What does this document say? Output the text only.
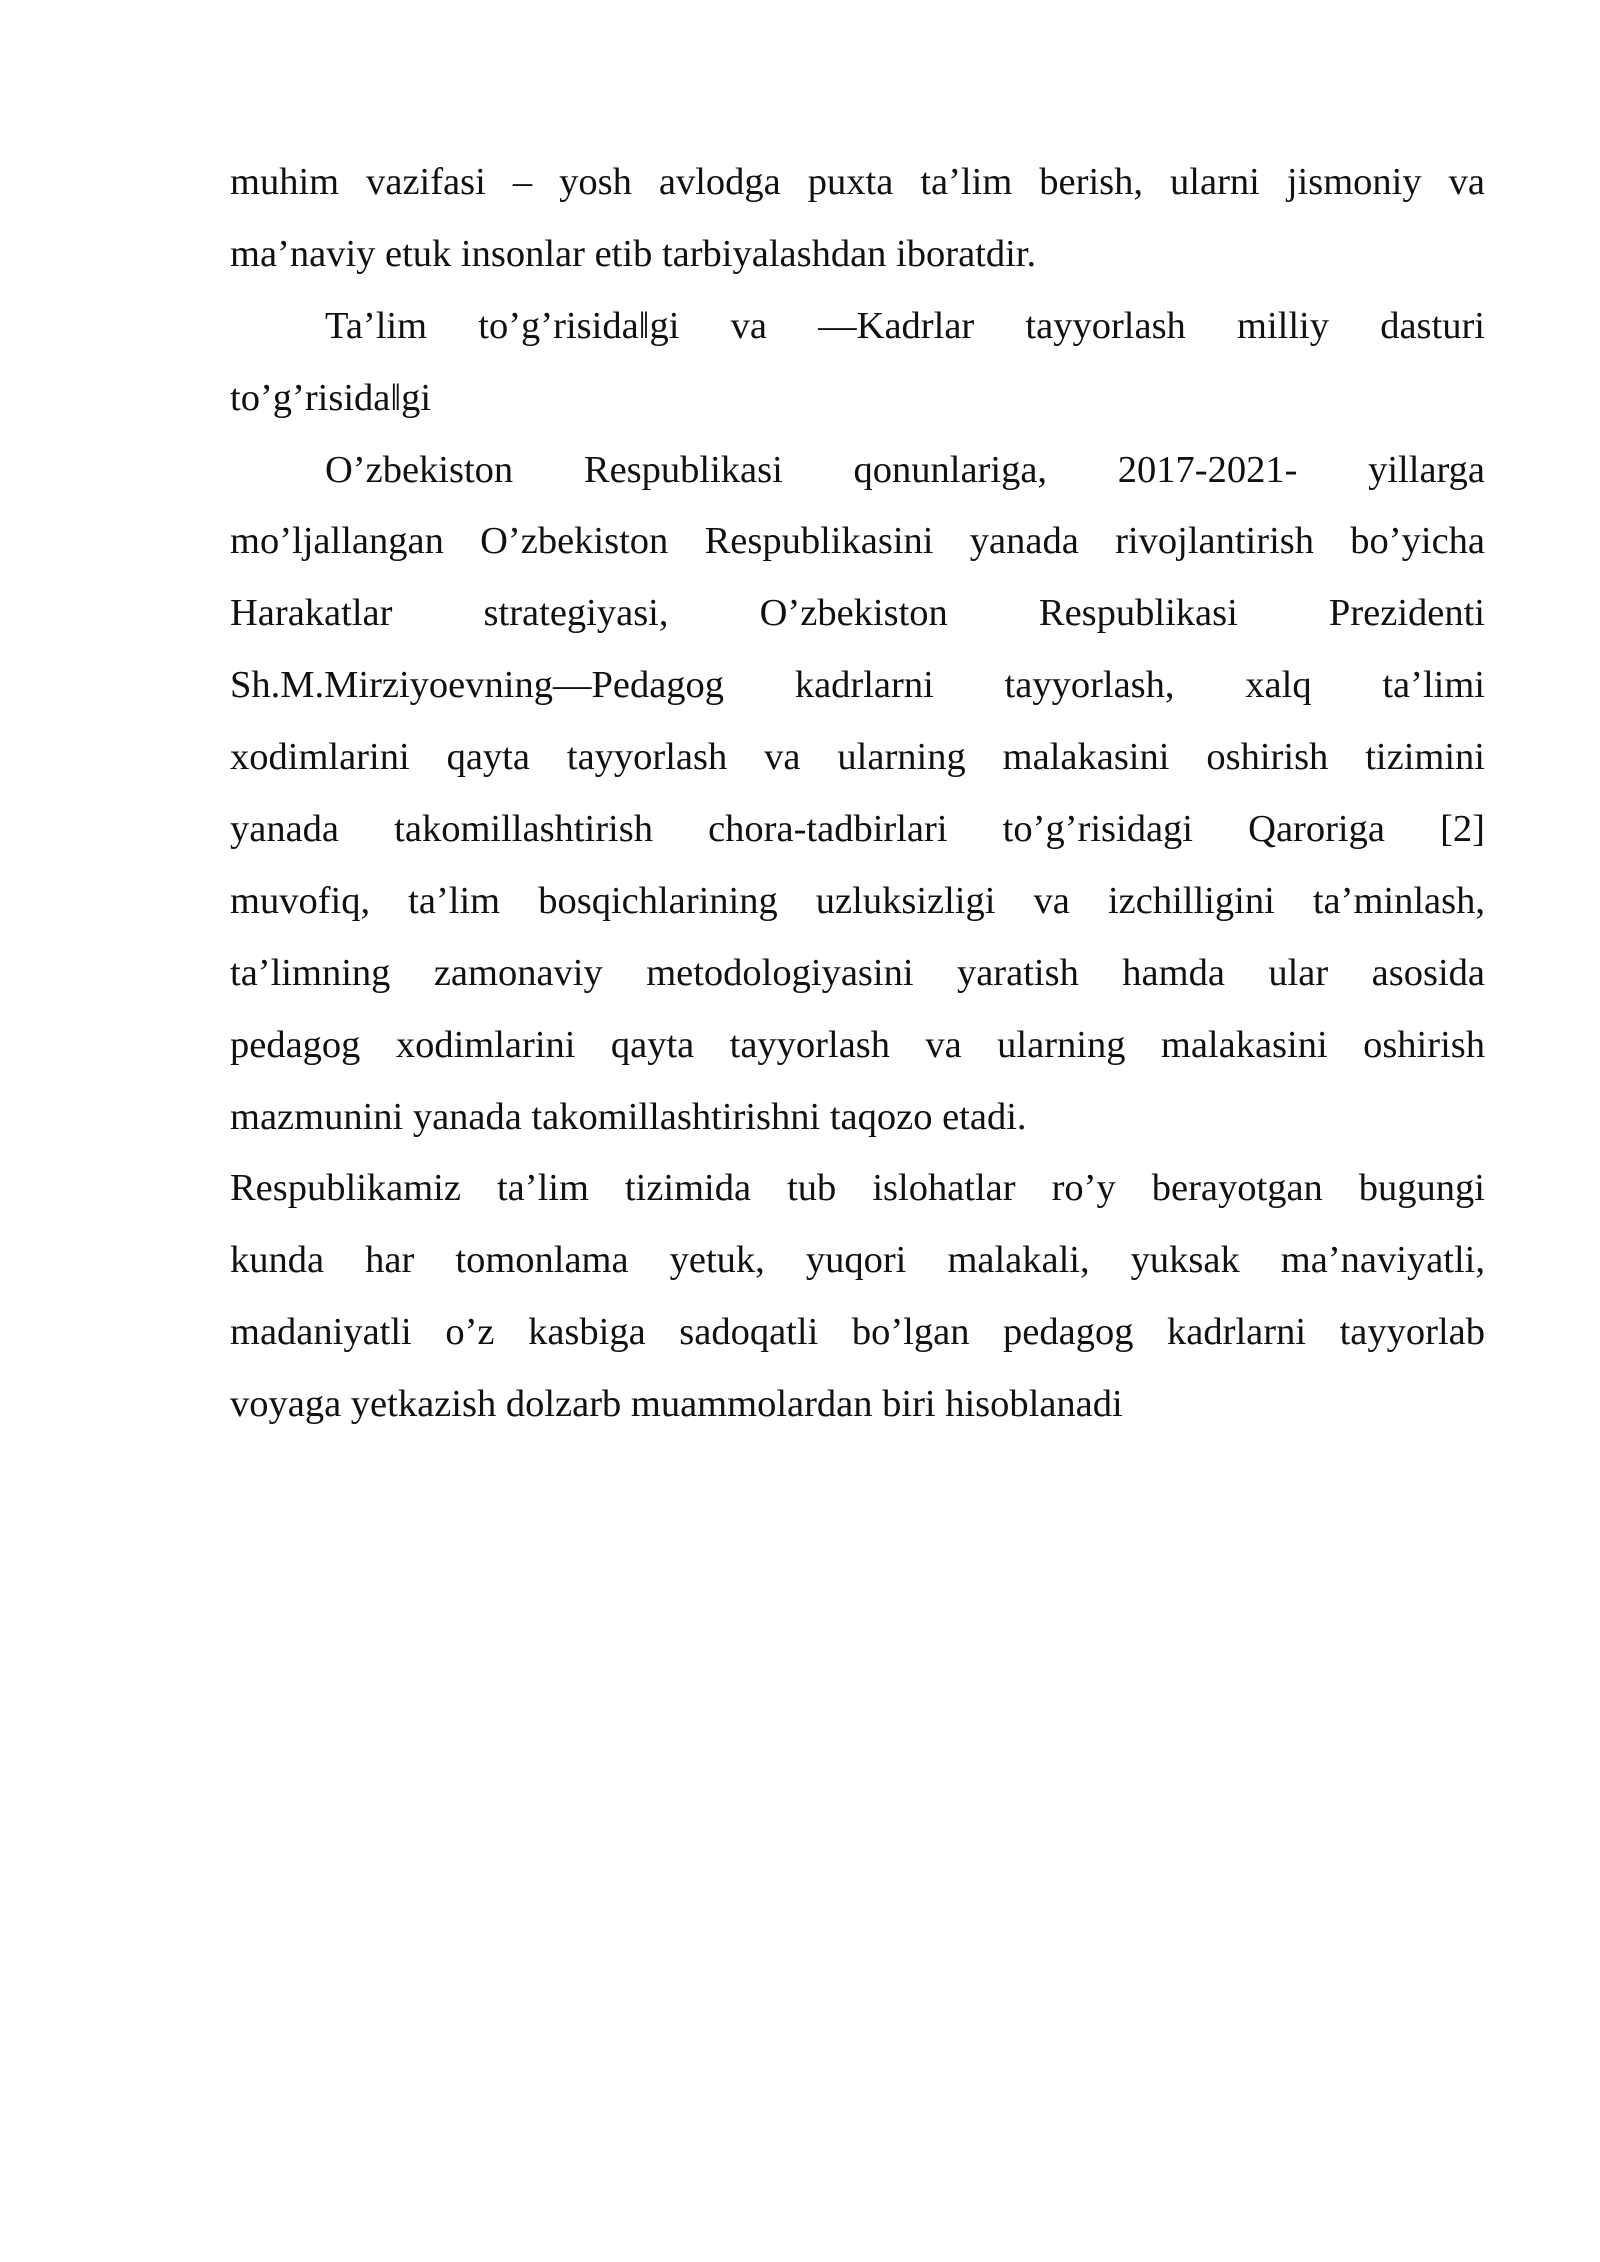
muhim vazifasi – yosh avlodga puxta ta’lim berish, ularni jismoniy va
ma’naviy etuk insonlar etib tarbiyalashdan iboratdir.
Ta’lim to’g’risida‖gi va ―Kadrlar tayyorlash milliy dasturi
to’g’risida‖gi
O’zbekiston Respublikasi qonunlariga, 2017-2021- yillarga
mo’ljallangan O’zbekiston Respublikasini yanada rivojlantirish bo’yicha
Harakatlar strategiyasi, O’zbekiston Respublikasi Prezidenti
Sh.M.Mirziyoevning―Pedagog kadrlarni tayyorlash, xalq ta’limi
xodimlarini qayta tayyorlash va ularning malakasini oshirish tizimini
yanada takomillashtirish chora-tadbirlari to’g’risidagi Qaroriga [2]
muvofiq, ta’lim bosqichlarining uzluksizligi va izchilligini ta’minlash,
ta’limning zamonaviy metodologiyasini yaratish hamda ular asosida
pedagog xodimlarini qayta tayyorlash va ularning malakasini oshirish
mazmunini yanada takomillashtirishni taqozo etadi.
Respublikamiz ta’lim tizimida tub islohatlar ro’y berayotgan bugungi
kunda har tomonlama yetuk, yuqori malakali, yuksak ma’naviyatli,
madaniyatli o’z kasbiga sadoqatli bo’lgan pedagog kadrlarni tayyorlab
voyaga yetkazish dolzarb muammolardan biri hisoblanadi
